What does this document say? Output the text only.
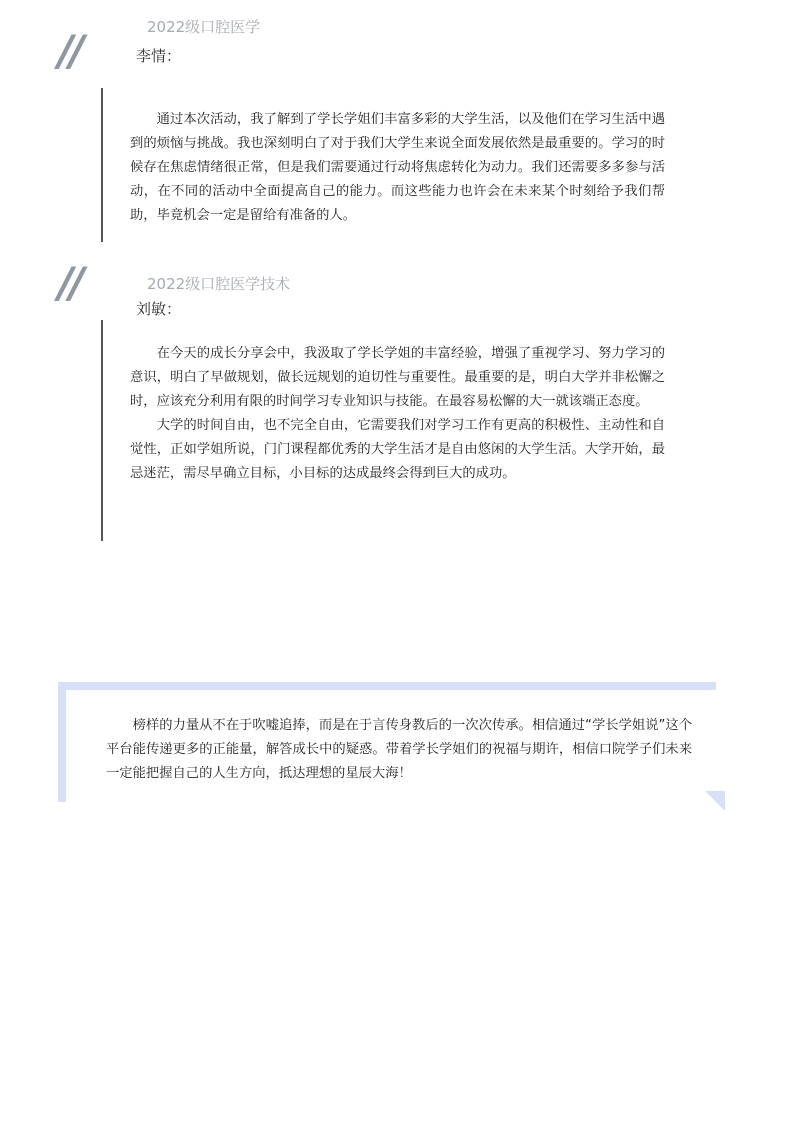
//	2022级口腔医学
李情：

通过本次活动，我了解到了学长学姐们丰富多彩的大学生活，以及他们在学习生活中遇到的烦恼与挑战。我也深刻明白了对于我们大学生来说全面发展依然是最重要的。学习的时候存在焦虑情绪很正常，但是我们需要通过行动将焦虑转化为动力。我们还需要多多参与活动，在不同的活动中全面提高自己的能力。而这些能力也许会在未来某个时刻给予我们帮助，毕竟机会一定是留给有准备的人。

//	2022级口腔医学技术
刘敏：

在今天的成长分享会中，我汲取了学长学姐的丰富经验，增强了重视学习、努力学习的意识，明白了早做规划，做长远规划的迫切性与重要性。最重要的是，明白大学并非松懈之时，应该充分利用有限的时间学习专业知识与技能。在最容易松懈的大一就该端正态度。

大学的时间自由，也不完全自由，它需要我们对学习工作有更高的积极性、主动性和自觉性，正如学姐所说，门门课程都优秀的大学生活才是自由悠闲的大学生活。大学开始，最忌迷茫，需尽早确立目标，小目标的达成最终会得到巨大的成功。

榜样的力量从不在于吹嘘追捧，而是在于言传身教后的一次次传承。相信通过“学长学姐说”这个平台能传递更多的正能量，解答成长中的疑惑。带着学长学姐们的祝福与期许，相信口院学子们未来一定能把握自己的人生方向，抵达理想的星辰大海！
